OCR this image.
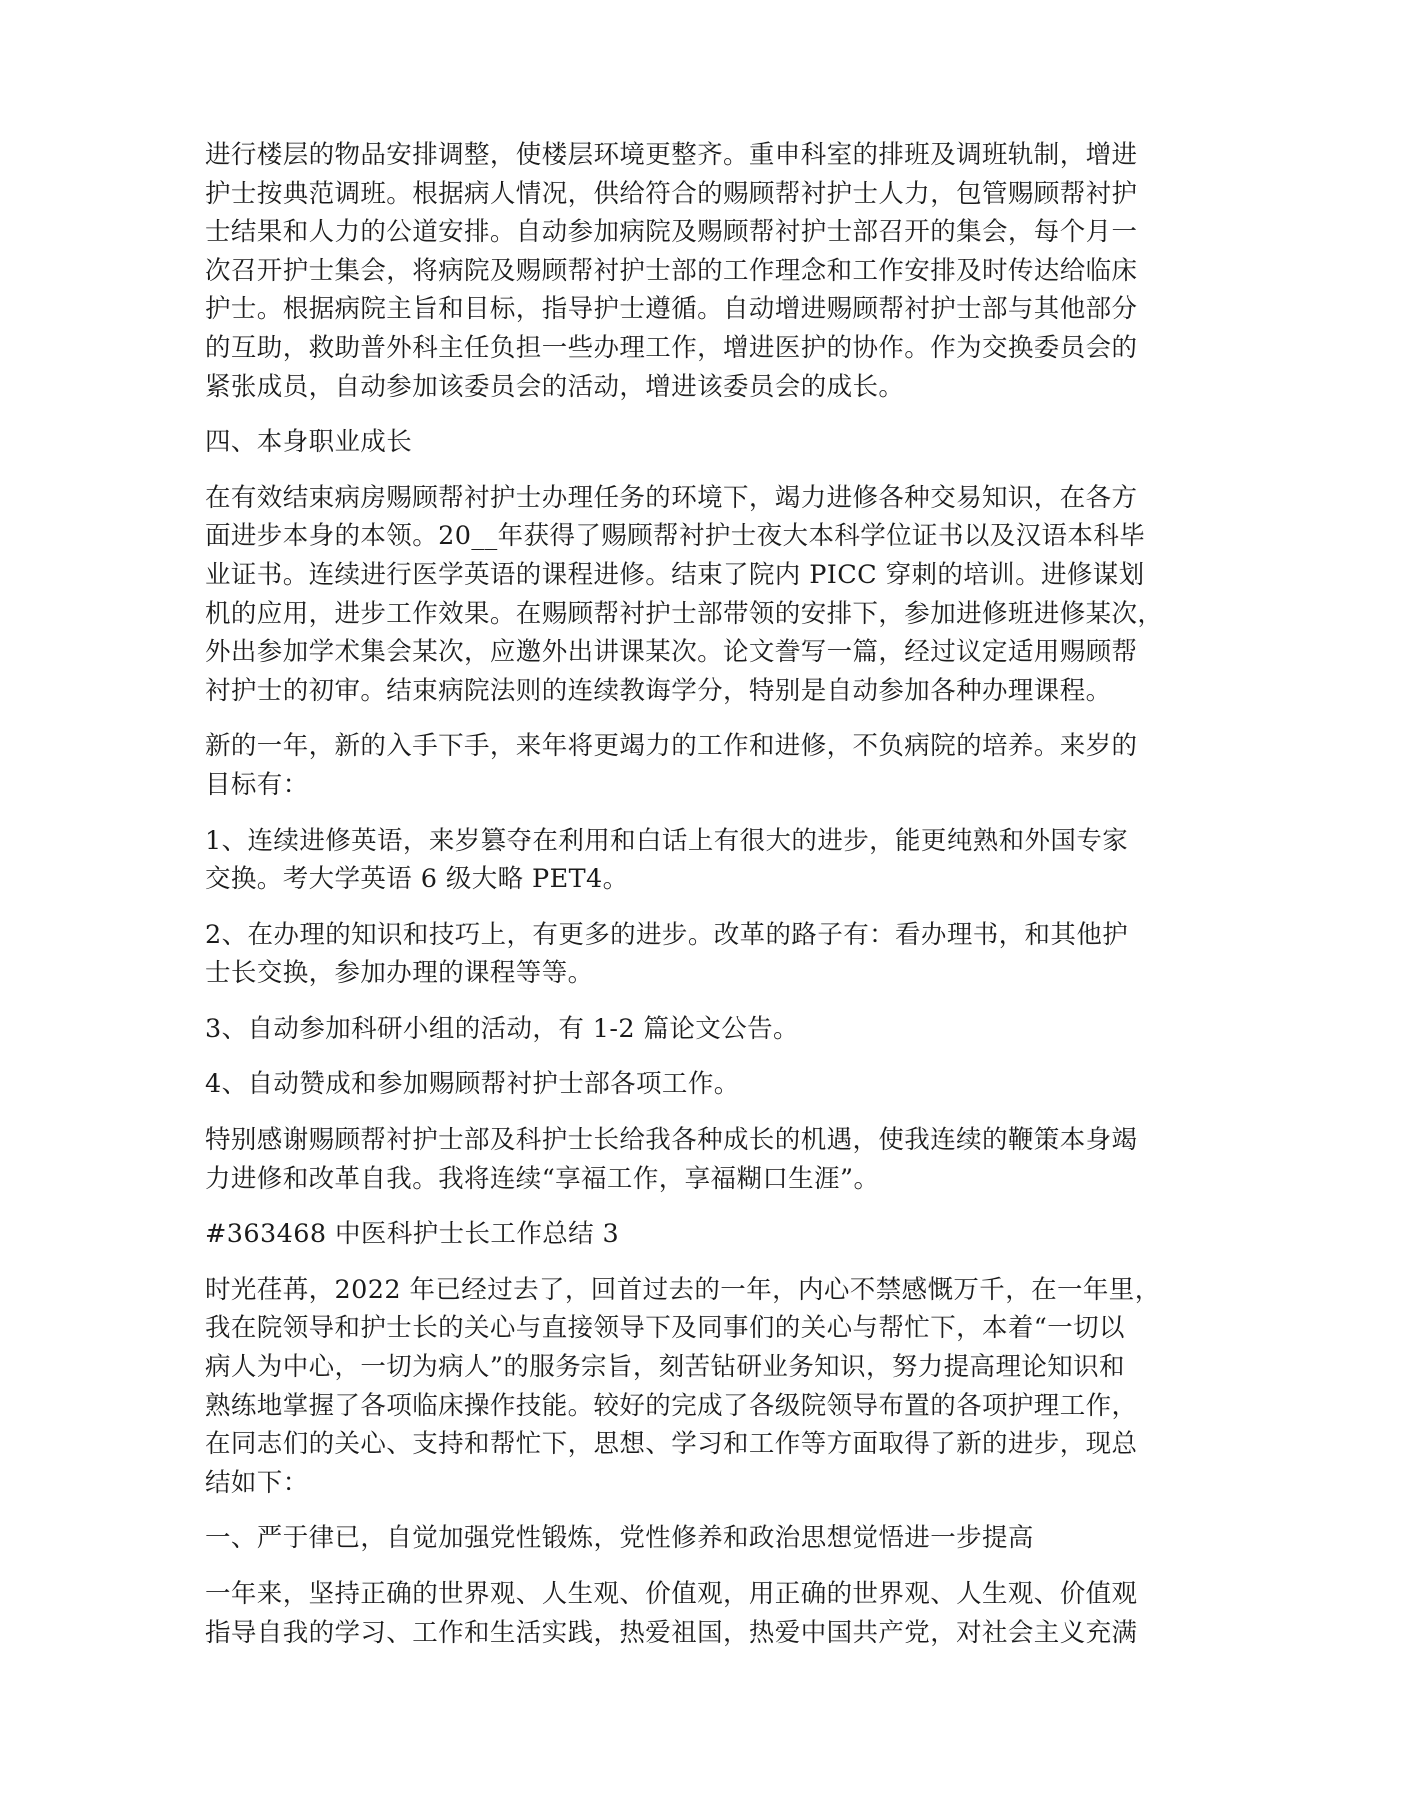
进行楼层的物品安排调整，使楼层环境更整齐。重申科室的排班及调班轨制，增进
护士按典范调班。根据病人情况，供给符合的赐顾帮衬护士人力，包管赐顾帮衬护
士结果和人力的公道安排。自动参加病院及赐顾帮衬护士部召开的集会，每个月一
次召开护士集会，将病院及赐顾帮衬护士部的工作理念和工作安排及时传达给临床
护士。根据病院主旨和目标，指导护士遵循。自动增进赐顾帮衬护士部与其他部分
的互助，救助普外科主任负担一些办理工作，增进医护的协作。作为交换委员会的
紧张成员，自动参加该委员会的活动，增进该委员会的成长。
四、本身职业成长
在有效结束病房赐顾帮衬护士办理任务的环境下，竭力进修各种交易知识，在各方
面进步本身的本领。20__年获得了赐顾帮衬护士夜大本科学位证书以及汉语本科毕
业证书。连续进行医学英语的课程进修。结束了院内 PICC 穿刺的培训。进修谋划
机的应用，进步工作效果。在赐顾帮衬护士部带领的安排下，参加进修班进修某次，
外出参加学术集会某次，应邀外出讲课某次。论文誊写一篇，经过议定适用赐顾帮
衬护士的初审。结束病院法则的连续教诲学分，特别是自动参加各种办理课程。
新的一年，新的入手下手，来年将更竭力的工作和进修，不负病院的培养。来岁的
目标有：
1、连续进修英语，来岁篡夺在利用和白话上有很大的进步，能更纯熟和外国专家
交换。考大学英语 6 级大略 PET4。
2、在办理的知识和技巧上，有更多的进步。改革的路子有：看办理书，和其他护
士长交换，参加办理的课程等等。
3、自动参加科研小组的活动，有 1-2 篇论文公告。
4、自动赞成和参加赐顾帮衬护士部各项工作。
特别感谢赐顾帮衬护士部及科护士长给我各种成长的机遇，使我连续的鞭策本身竭
力进修和改革自我。我将连续“享福工作，享福糊口生涯”。
#363468 中医科护士长工作总结 3
时光荏苒，2022 年已经过去了，回首过去的一年，内心不禁感慨万千，在一年里，
我在院领导和护士长的关心与直接领导下及同事们的关心与帮忙下，本着“一切以
病人为中心，一切为病人”的服务宗旨，刻苦钻研业务知识，努力提高理论知识和
熟练地掌握了各项临床操作技能。较好的完成了各级院领导布置的各项护理工作，
在同志们的关心、支持和帮忙下，思想、学习和工作等方面取得了新的进步，现总
结如下：
一、严于律已，自觉加强党性锻炼，党性修养和政治思想觉悟进一步提高
一年来，坚持正确的世界观、人生观、价值观，用正确的世界观、人生观、价值观
指导自我的学习、工作和生活实践，热爱祖国，热爱中国共产党，对社会主义充满
